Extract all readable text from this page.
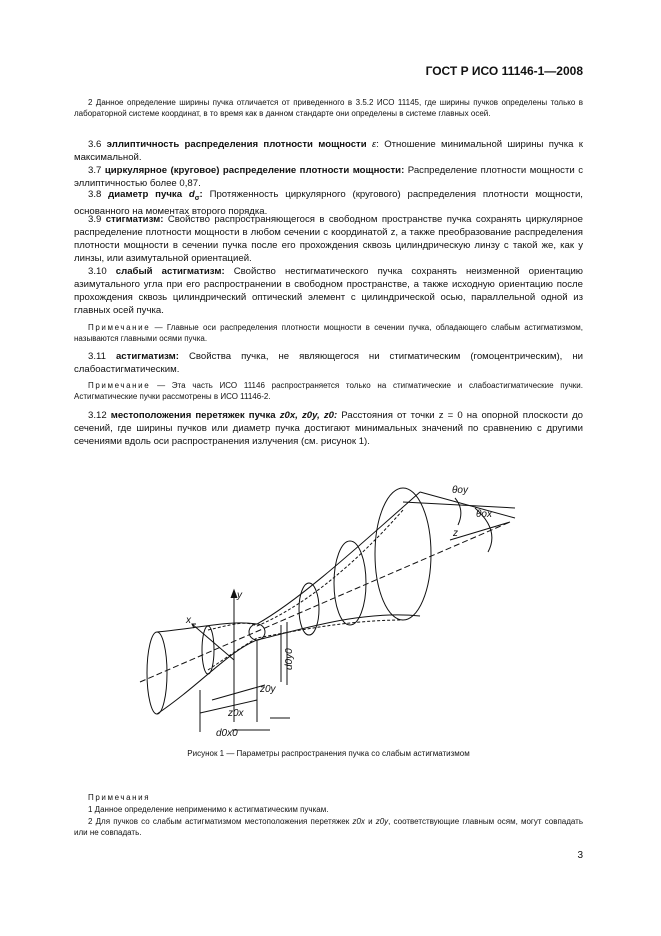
ГОСТ Р ИСО 11146-1—2008

2 Данное определение ширины пучка отличается от приведенного в 3.5.2 ИСО 11145, где ширины пучков определены только в лабораторной системе координат, в то время как в данном стандарте они определены в системе главных осей.

3.6 эллиптичность распределения плотности мощности ε: Отношение минимальной ширины пучка к максимальной.

3.7 циркулярное (круговое) распределение плотности мощности: Распределение плотности мощности с эллиптичностью более 0,87.

3.8 диаметр пучка $d_\sigma$: Протяженность циркулярного (кругового) распределения плотности мощности, основанного на моментах второго порядка.

3.9 стигматизм: Свойство распространяющегося в свободном пространстве пучка сохранять циркулярное распределение плотности мощности в любом сечении с координатой z, а также преобразование распределения плотности мощности в сечении пучка после его прохождения сквозь цилиндрическую линзу с такой же, как у линзы, или азимутальной ориентацией.

3.10 слабый астигматизм: Свойство нестигматического пучка сохранять неизменной ориентацию азимутального угла при его распространении в свободном пространстве, а также исходную ориентацию после прохождения сквозь цилиндрический оптический элемент с цилиндрической осью, параллельной одной из главных осей пучка.

Примечание — Главные оси распределения плотности мощности в сечении пучка, обладающего слабым астигматизмом, называются главными осями пучка.

3.11 астигматизм: Свойства пучка, не являющегося ни стигматическим (гомоцентрическим), ни слабоастигматическим.

Примечание — Эта часть ИСО 11146 распространяется только на стигматические и слабоастигматические пучки. Астигматические пучки рассмотрены в ИСО 11146-2.

3.12 местоположения перетяжек пучка z0x, z0y, z0: Расстояния от точки z = 0 на опорной плоскости до сечений, где ширины пучков или диаметр пучка достигают минимальных значений по сравнению с другими сечениями вдоль оси распространения излучения (см. рисунок 1).

x
y
z
z0y
z0x
d0y0
d0x0
θoy
θox
Рисунок 1 — Параметры распространения пучка со слабым астигматизмом

Примечания

1 Данное определение неприменимо к астигматическим пучкам.

2 Для пучков со слабым астигматизмом местоположения перетяжек z0x и z0y, соответствующие главным осям, могут совпадать или не совпадать.

3
